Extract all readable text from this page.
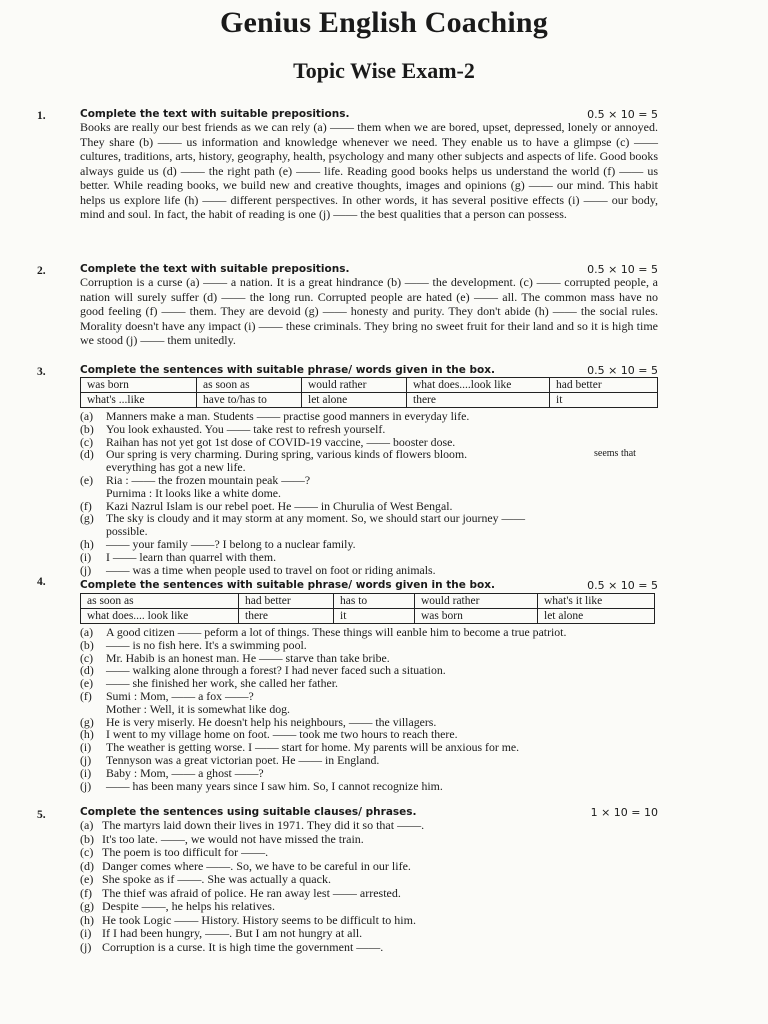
Genius English Coaching
Topic Wise Exam-2
1.	Complete the text with suitable prepositions.	0.5 × 10 = 5
Books are really our best friends as we can rely (a) —— them when we are bored, upset, depressed, lonely or annoyed. They share (b) —— us information and knowledge whenever we need. They enable us to have a glimpse (c) —— cultures, traditions, arts, history, geography, health, psychology and many other subjects and aspects of life. Good books always guide us (d) —— the right path (e) —— life. Reading good books helps us understand the world (f) —— us better. While reading books, we build new and creative thoughts, images and opinions (g) —— our mind. This habit helps us explore life (h) —— different perspectives. In other words, it has several positive effects (i) —— our body, mind and soul. In fact, the habit of reading is one (j) —— the best qualities that a person can possess.
2.	Complete the text with suitable prepositions.	0.5 × 10 = 5
Corruption is a curse (a) —— a nation. It is a great hindrance (b) —— the development. (c) —— corrupted people, a nation will surely suffer (d) —— the long run. Corrupted people are hated (e) —— all. The common mass have no good feeling (f) —— them. They are devoid (g) —— honesty and purity. They don't abide (h) —— the social rules. Morality doesn't have any impact (i) —— these criminals. They bring no sweet fruit for their land and so it is high time we stood (j) —— them unitedly.
3.	Complete the sentences with suitable phrase/ words given in the box.	0.5 × 10 = 5
was born	as soon as	would rather	what does....look like	had better
what's ...like	have to/has to	let alone	there	it
(a)	Manners make a man. Students —— practise good manners in everyday life.
(b)	You look exhausted. You —— take rest to refresh yourself.
(c)	Raihan has not yet got 1st dose of COVID-19 vaccine, —— booster dose.
(d)	Our spring is very charming. During spring, various kinds of flowers bloom.	seems that
everything has got a new life.
(e)	Ria : —— the frozen mountain peak ——?
Purnima : It looks like a white dome.
(f)	Kazi Nazrul Islam is our rebel poet. He —— in Churulia of West Bengal.
(g)	The sky is cloudy and it may storm at any moment. So, we should start our journey ——
possible.
(h)	—— your family ——? I belong to a nuclear family.
(i)	I —— learn than quarrel with them.
(j)	—— was a time when people used to travel on foot or riding animals.
4.	Complete the sentences with suitable phrase/ words given in the box.	0.5 × 10 = 5
as soon as	had better	has to	would rather	what's it like
what does.... look like	there	it	was born	let alone
(a)	A good citizen —— peform a lot of things. These things will eanble him to become a true patriot.
(b)	—— is no fish here. It's a swimming pool.
(c)	Mr. Habib is an honest man. He —— starve than take bribe.
(d)	—— walking alone through a forest? I had never faced such a situation.
(e)	—— she finished her work, she called her father.
(f)	Sumi : Mom, —— a fox ——?
Mother : Well, it is somewhat like dog.
(g)	He is very miserly. He doesn't help his neighbours, —— the villagers.
(h)	I went to my village home on foot. —— took me two hours to reach there.
(i)	The weather is getting worse. I —— start for home. My parents will be anxious for me.
(j)	Tennyson was a great victorian poet. He —— in England.
(i)	Baby : Mom, —— a ghost ——?
(j)	—— has been many years since I saw him. So, I cannot recognize him.
5.	Complete the sentences using suitable clauses/ phrases.	1 × 10 = 10
(a) The martyrs laid down their lives in 1971. They did it so that ——.
(b) It's too late. ——, we would not have missed the train.
(c) The poem is too difficult for ——.
(d) Danger comes where ——. So, we have to be careful in our life.
(e) She spoke as if ——. She was actually a quack.
(f) The thief was afraid of police. He ran away lest —— arrested.
(g) Despite ——, he helps his relatives.
(h) He took Logic —— History. History seems to be difficult to him.
(i) If I had been hungry, ——. But I am not hungry at all.
(j) Corruption is a curse. It is high time the government ——.
